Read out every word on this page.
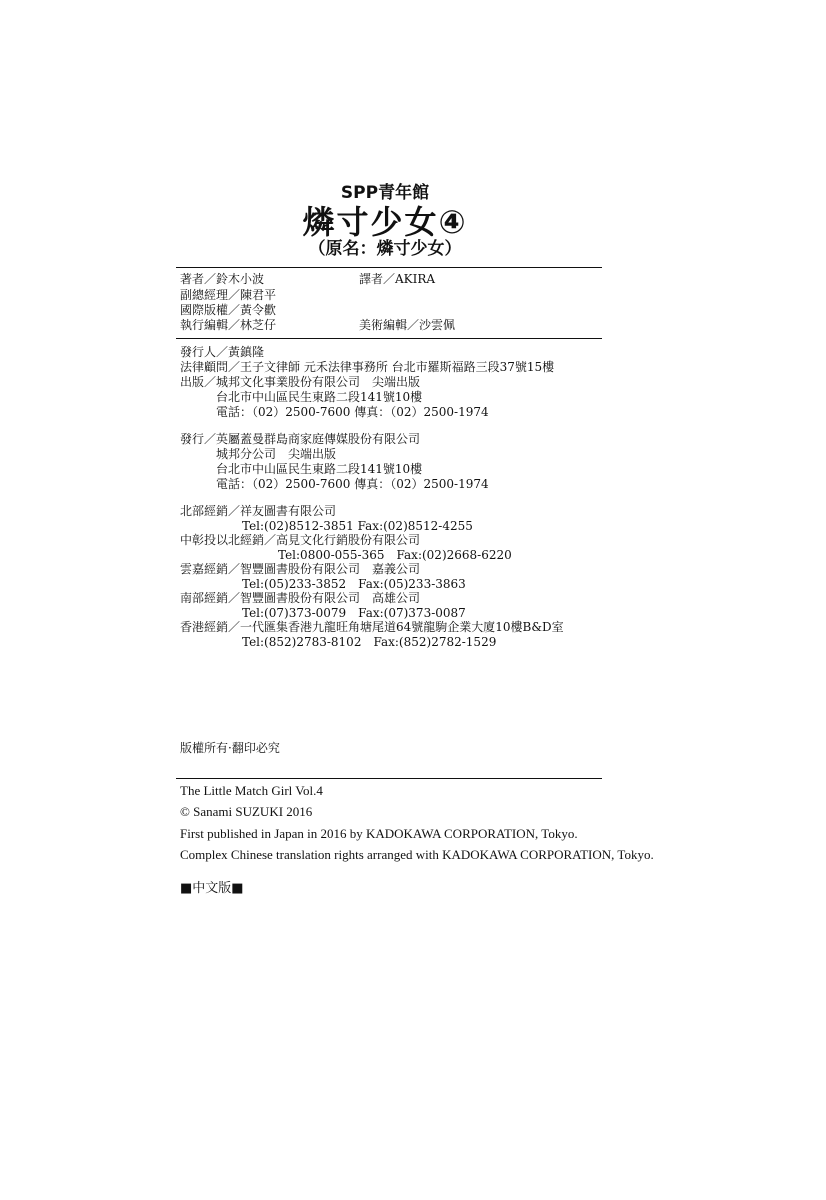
SPP青年館
燐寸少女④
（原名：燐寸少女）
著者／鈴木小波	譯者／AKIRA
副總經理／陳君平
國際版權／黃令歡
執行編輯／林芝仔	美術編輯／沙雲佩
發行人／黃鎮隆
法律顧問／王子文律師 元禾法律事務所 台北市羅斯福路三段37號15樓
出版／城邦文化事業股份有限公司　尖端出版
台北市中山區民生東路二段141號10樓
電話：（02）2500-7600 傳真：（02）2500-1974
發行／英屬蓋曼群島商家庭傳媒股份有限公司
城邦分公司　尖端出版
台北市中山區民生東路二段141號10樓
電話：（02）2500-7600 傳真：（02）2500-1974
北部經銷／祥友圖書有限公司
Tel:(02)8512-3851 Fax:(02)8512-4255
中彰投以北經銷／高見文化行銷股份有限公司
Tel:0800-055-365　Fax:(02)2668-6220
雲嘉經銷／智豐圖書股份有限公司　嘉義公司
Tel:(05)233-3852　Fax:(05)233-3863
南部經銷／智豐圖書股份有限公司　高雄公司
Tel:(07)373-0079　Fax:(07)373-0087
香港經銷／一代匯集香港九龍旺角塘尾道64號龍駒企業大廈10樓B&D室
Tel:(852)2783-8102　Fax:(852)2782-1529
版權所有·翻印必究
The Little Match Girl Vol.4
© Sanami SUZUKI 2016
First published in Japan in 2016 by KADOKAWA CORPORATION, Tokyo.
Complex Chinese translation rights arranged with KADOKAWA CORPORATION, Tokyo.
■中文版■
